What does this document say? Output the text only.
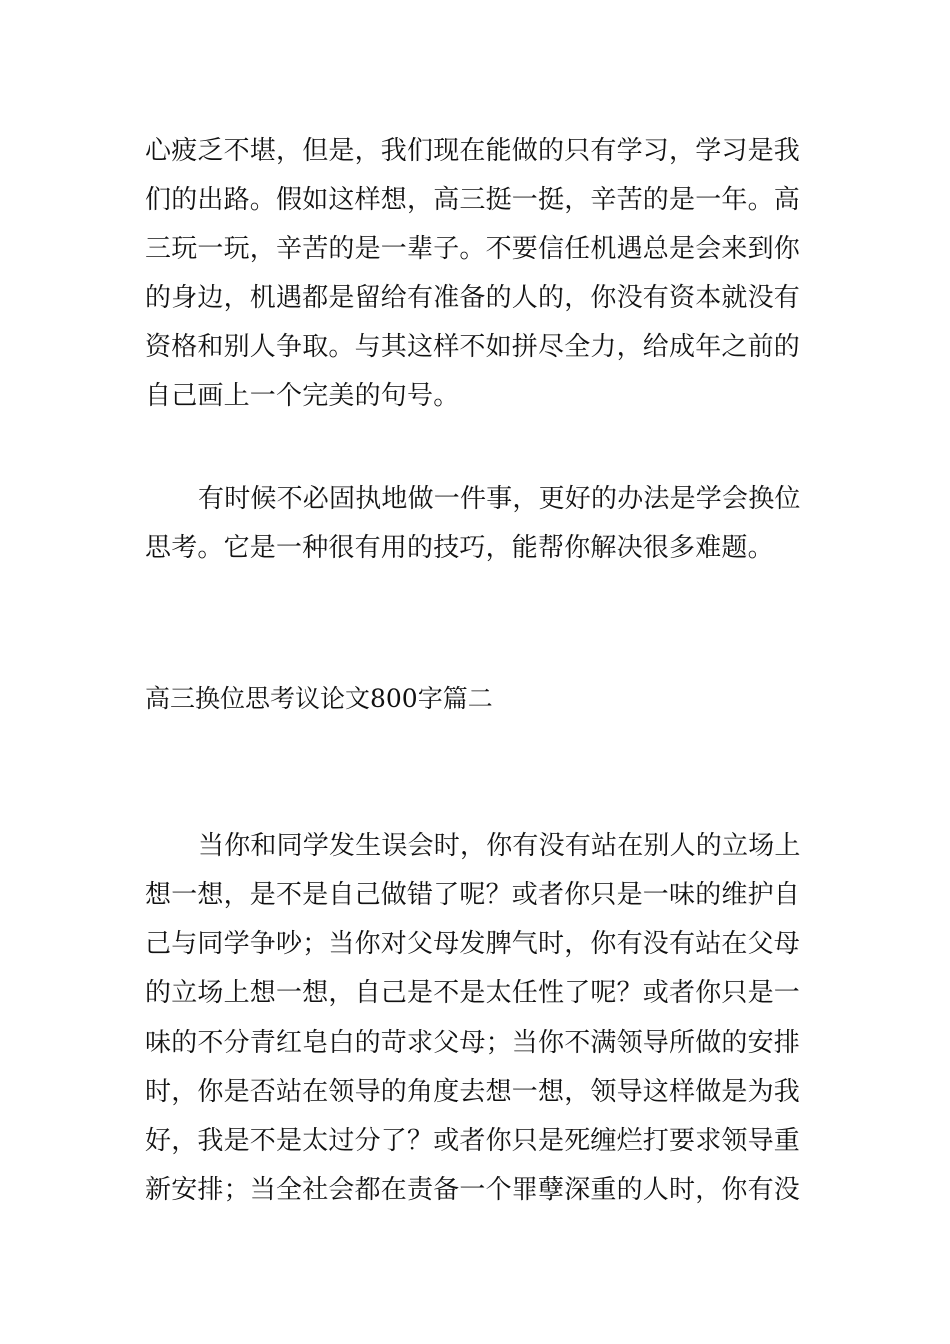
心疲乏不堪，但是，我们现在能做的只有学习，学习是我
们的出路。假如这样想，高三挺一挺，辛苦的是一年。高
三玩一玩，辛苦的是一辈子。不要信任机遇总是会来到你
的身边，机遇都是留给有准备的人的，你没有资本就没有
资格和别人争取。与其这样不如拼尽全力，给成年之前的
自己画上一个完美的句号。
有时候不必固执地做一件事，更好的办法是学会换位
思考。它是一种很有用的技巧，能帮你解决很多难题。
高三换位思考议论文800字篇二
当你和同学发生误会时，你有没有站在别人的立场上
想一想，是不是自己做错了呢？或者你只是一味的维护自
己与同学争吵；当你对父母发脾气时，你有没有站在父母
的立场上想一想，自己是不是太任性了呢？或者你只是一
味的不分青红皂白的苛求父母；当你不满领导所做的安排
时，你是否站在领导的角度去想一想，领导这样做是为我
好，我是不是太过分了？或者你只是死缠烂打要求领导重
新安排；当全社会都在责备一个罪孽深重的人时，你有没
